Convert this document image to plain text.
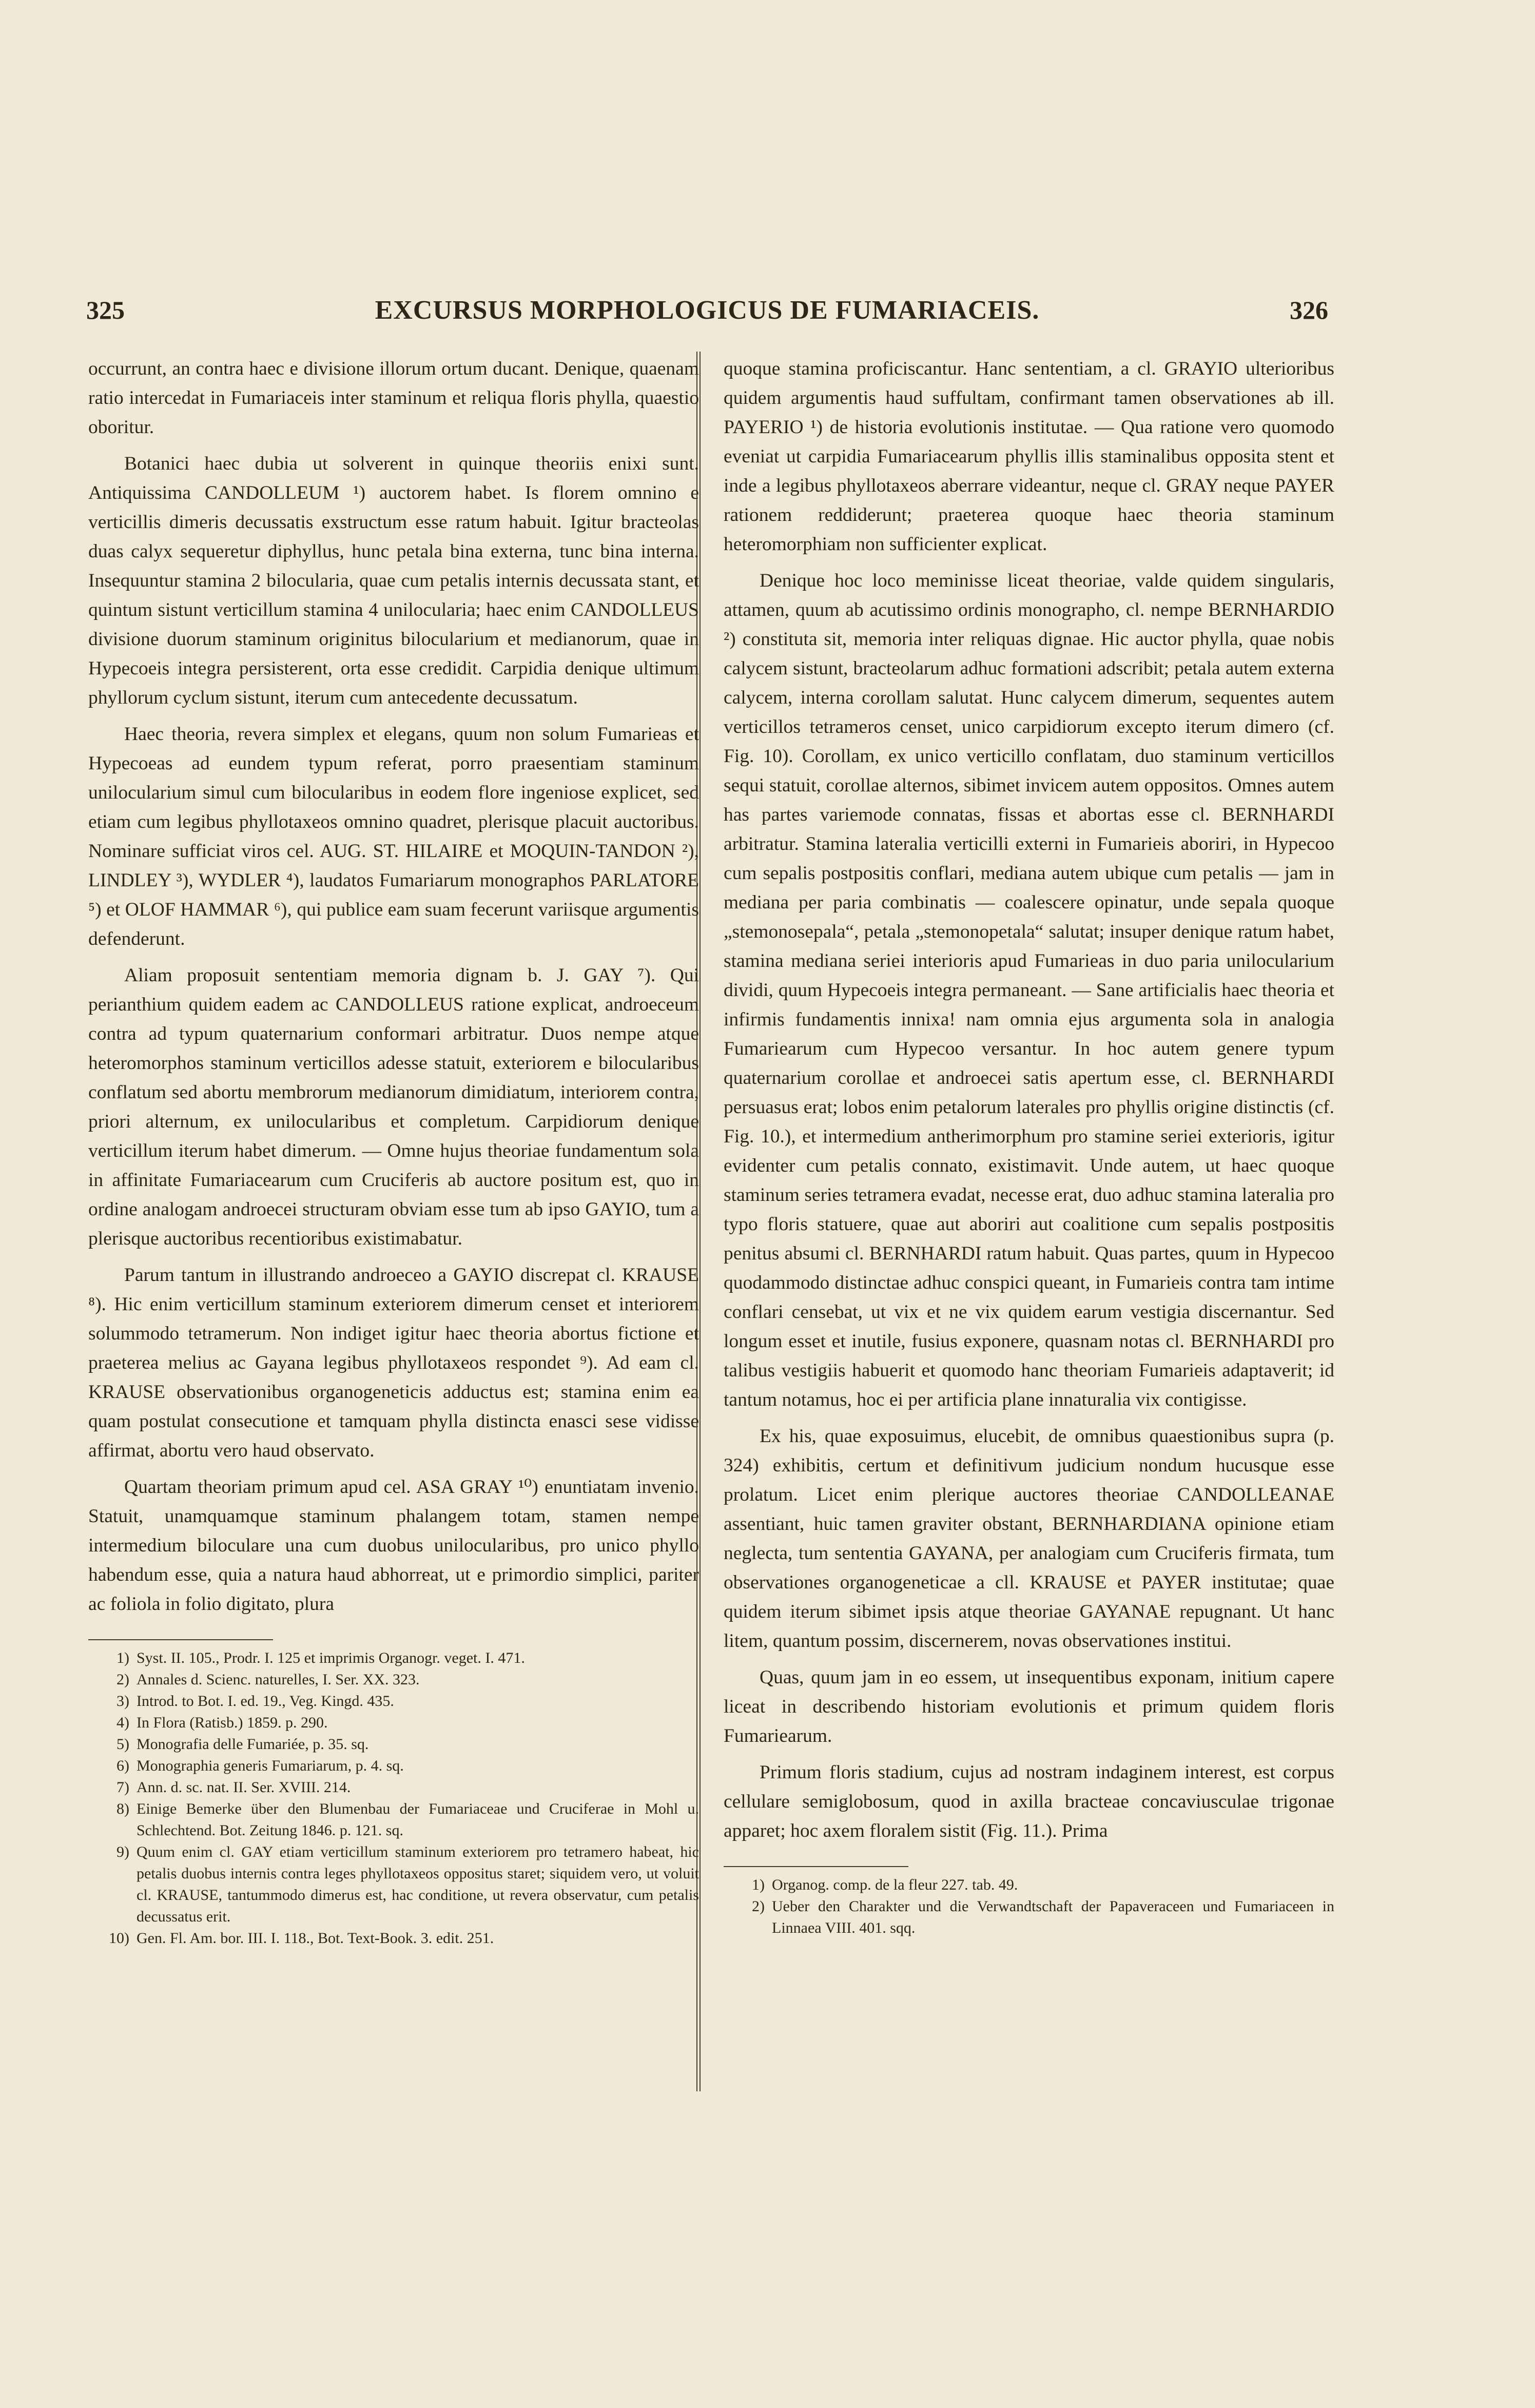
325	EXCURSUS MORPHOLOGICUS DE FUMARIACEIS.	326

occurrunt, an contra haec e divisione illorum ortum ducant. Denique, quaenam ratio intercedat in Fumariaceis inter staminum et reliqua floris phylla, quaestio oboritur.

Botanici haec dubia ut solverent in quinque theoriis enixi sunt. Antiquissima CANDOLLEUM ¹) auctorem habet. Is florem omnino e verticillis dimeris decussatis exstructum esse ratum habuit. Igitur bracteolas duas calyx sequeretur diphyllus, hunc petala bina externa, tunc bina interna. Insequuntur stamina 2 bilocularia, quae cum petalis internis decussata stant, et quintum sistunt verticillum stamina 4 unilocularia; haec enim CANDOLLEUS divisione duorum staminum originitus bilocularium et medianorum, quae in Hypecoeis integra persisterent, orta esse credidit. Carpidia denique ultimum phyllorum cyclum sistunt, iterum cum antecedente decussatum.

Haec theoria, revera simplex et elegans, quum non solum Fumarieas et Hypecoeas ad eundem typum referat, porro praesentiam staminum unilocularium simul cum bilocularibus in eodem flore ingeniose explicet, sed etiam cum legibus phyllotaxeos omnino quadret, plerisque placuit auctoribus. Nominare sufficiat viros cel. AUG. ST. HILAIRE et MOQUIN-TANDON ²), LINDLEY ³), WYDLER ⁴), laudatos Fumariarum monographos PARLATORE ⁵) et OLOF HAMMAR ⁶), qui publice eam suam fecerunt variisque argumentis defenderunt.

Aliam proposuit sententiam memoria dignam b. J. GAY ⁷). Qui perianthium quidem eadem ac CANDOLLEUS ratione explicat, androeceum contra ad typum quaternarium conformari arbitratur. Duos nempe atque heteromorphos staminum verticillos adesse statuit, exteriorem e bilocularibus conflatum sed abortu membrorum medianorum dimidiatum, interiorem contra, priori alternum, ex unilocularibus et completum. Carpidiorum denique verticillum iterum habet dimerum. — Omne hujus theoriae fundamentum sola in affinitate Fumariacearum cum Cruciferis ab auctore positum est, quo in ordine analogam androecei structuram obviam esse tum ab ipso GAYIO, tum a plerisque auctoribus recentioribus existimabatur.

Parum tantum in illustrando androeceo a GAYIO discrepat cl. KRAUSE ⁸). Hic enim verticillum staminum exteriorem dimerum censet et interiorem solummodo tetramerum. Non indiget igitur haec theoria abortus fictione et praeterea melius ac Gayana legibus phyllotaxeos respondet ⁹). Ad eam cl. KRAUSE observationibus organogeneticis adductus est; stamina enim ea quam postulat consecutione et tamquam phylla distincta enasci sese vidisse affirmat, abortu vero haud observato.

Quartam theoriam primum apud cel. ASA GRAY ¹⁰) enuntiatam invenio. Statuit, unamquamque staminum phalangem totam, stamen nempe intermedium biloculare una cum duobus unilocularibus, pro unico phyllo habendum esse, quia a natura haud abhorreat, ut e primordio simplici, pariter ac foliola in folio digitato, plura

1) Syst. II. 105., Prodr. I. 125 et imprimis Organogr. veget. I. 471.
2) Annales d. Scienc. naturelles, I. Ser. XX. 323.
3) Introd. to Bot. I. ed. 19., Veg. Kingd. 435.
4) In Flora (Ratisb.) 1859. p. 290.
5) Monografia delle Fumariée, p. 35. sq.
6) Monographia generis Fumariarum, p. 4. sq.
7) Ann. d. sc. nat. II. Ser. XVIII. 214.
8) Einige Bemerke über den Blumenbau der Fumariaceae und Cruciferae in Mohl u. Schlechtend. Bot. Zeitung 1846. p. 121. sq.
9) Quum enim cl. GAY etiam verticillum staminum exteriorem pro tetramero habeat, hic petalis duobus internis contra leges phyllotaxeos oppositus staret; siquidem vero, ut voluit cl. KRAUSE, tantummodo dimerus est, hac conditione, ut revera observatur, cum petalis decussatus erit.
10) Gen. Fl. Am. bor. III. I. 118., Bot. Text-Book. 3. edit. 251.

quoque stamina proficiscantur. Hanc sententiam, a cl. GRAYIO ulterioribus quidem argumentis haud suffultam, confirmant tamen observationes ab ill. PAYERIO ¹) de historia evolutionis institutae. — Qua ratione vero quomodo eveniat ut carpidia Fumariacearum phyllis illis staminalibus opposita stent et inde a legibus phyllotaxeos aberrare videantur, neque cl. GRAY neque PAYER rationem reddiderunt; praeterea quoque haec theoria staminum heteromorphiam non sufficienter explicat.

Denique hoc loco meminisse liceat theoriae, valde quidem singularis, attamen, quum ab acutissimo ordinis monographo, cl. nempe BERNHARDIO ²) constituta sit, memoria inter reliquas dignae. Hic auctor phylla, quae nobis calycem sistunt, bracteolarum adhuc formationi adscribit; petala autem externa calycem, interna corollam salutat. Hunc calycem dimerum, sequentes autem verticillos tetrameros censet, unico carpidiorum excepto iterum dimero (cf. Fig. 10). Corollam, ex unico verticillo conflatam, duo staminum verticillos sequi statuit, corollae alternos, sibimet invicem autem oppositos. Omnes autem has partes variemode connatas, fissas et abortas esse cl. BERNHARDI arbitratur. Stamina lateralia verticilli externi in Fumarieis aboriri, in Hypecoo cum sepalis postpositis conflari, mediana autem ubique cum petalis — jam in mediana per paria combinatis — coalescere opinatur, unde sepala quoque „stemonosepala“, petala „stemonopetala“ salutat; insuper denique ratum habet, stamina mediana seriei interioris apud Fumarieas in duo paria unilocularium dividi, quum Hypecoeis integra permaneant. — Sane artificialis haec theoria et infirmis fundamentis innixa! nam omnia ejus argumenta sola in analogia Fumariearum cum Hypecoo versantur. In hoc autem genere typum quaternarium corollae et androecei satis apertum esse, cl. BERNHARDI persuasus erat; lobos enim petalorum laterales pro phyllis origine distinctis (cf. Fig. 10.), et intermedium antherimorphum pro stamine seriei exterioris, igitur evidenter cum petalis connato, existimavit. Unde autem, ut haec quoque staminum series tetramera evadat, necesse erat, duo adhuc stamina lateralia pro typo floris statuere, quae aut aboriri aut coalitione cum sepalis postpositis penitus absumi cl. BERNHARDI ratum habuit. Quas partes, quum in Hypecoo quodammodo distinctae adhuc conspici queant, in Fumarieis contra tam intime conflari censebat, ut vix et ne vix quidem earum vestigia discernantur. Sed longum esset et inutile, fusius exponere, quasnam notas cl. BERNHARDI pro talibus vestigiis habuerit et quomodo hanc theoriam Fumarieis adaptaverit; id tantum notamus, hoc ei per artificia plane innaturalia vix contigisse.

Ex his, quae exposuimus, elucebit, de omnibus quaestionibus supra (p. 324) exhibitis, certum et definitivum judicium nondum hucusque esse prolatum. Licet enim plerique auctores theoriae CANDOLLEANAE assentiant, huic tamen graviter obstant, BERNHARDIANA opinione etiam neglecta, tum sententia GAYANA, per analogiam cum Cruciferis firmata, tum observationes organogeneticae a cll. KRAUSE et PAYER institutae; quae quidem iterum sibimet ipsis atque theoriae GAYANAE repugnant. Ut hanc litem, quantum possim, discernerem, novas observationes institui.

Quas, quum jam in eo essem, ut insequentibus exponam, initium capere liceat in describendo historiam evolutionis et primum quidem floris Fumariearum.

Primum floris stadium, cujus ad nostram indaginem interest, est corpus cellulare semiglobosum, quod in axilla bracteae concaviusculae trigonae apparet; hoc axem floralem sistit (Fig. 11.). Prima

1) Organog. comp. de la fleur 227. tab. 49.
2) Ueber den Charakter und die Verwandtschaft der Papaveraceen und Fumariaceen in Linnaea VIII. 401. sqq.
